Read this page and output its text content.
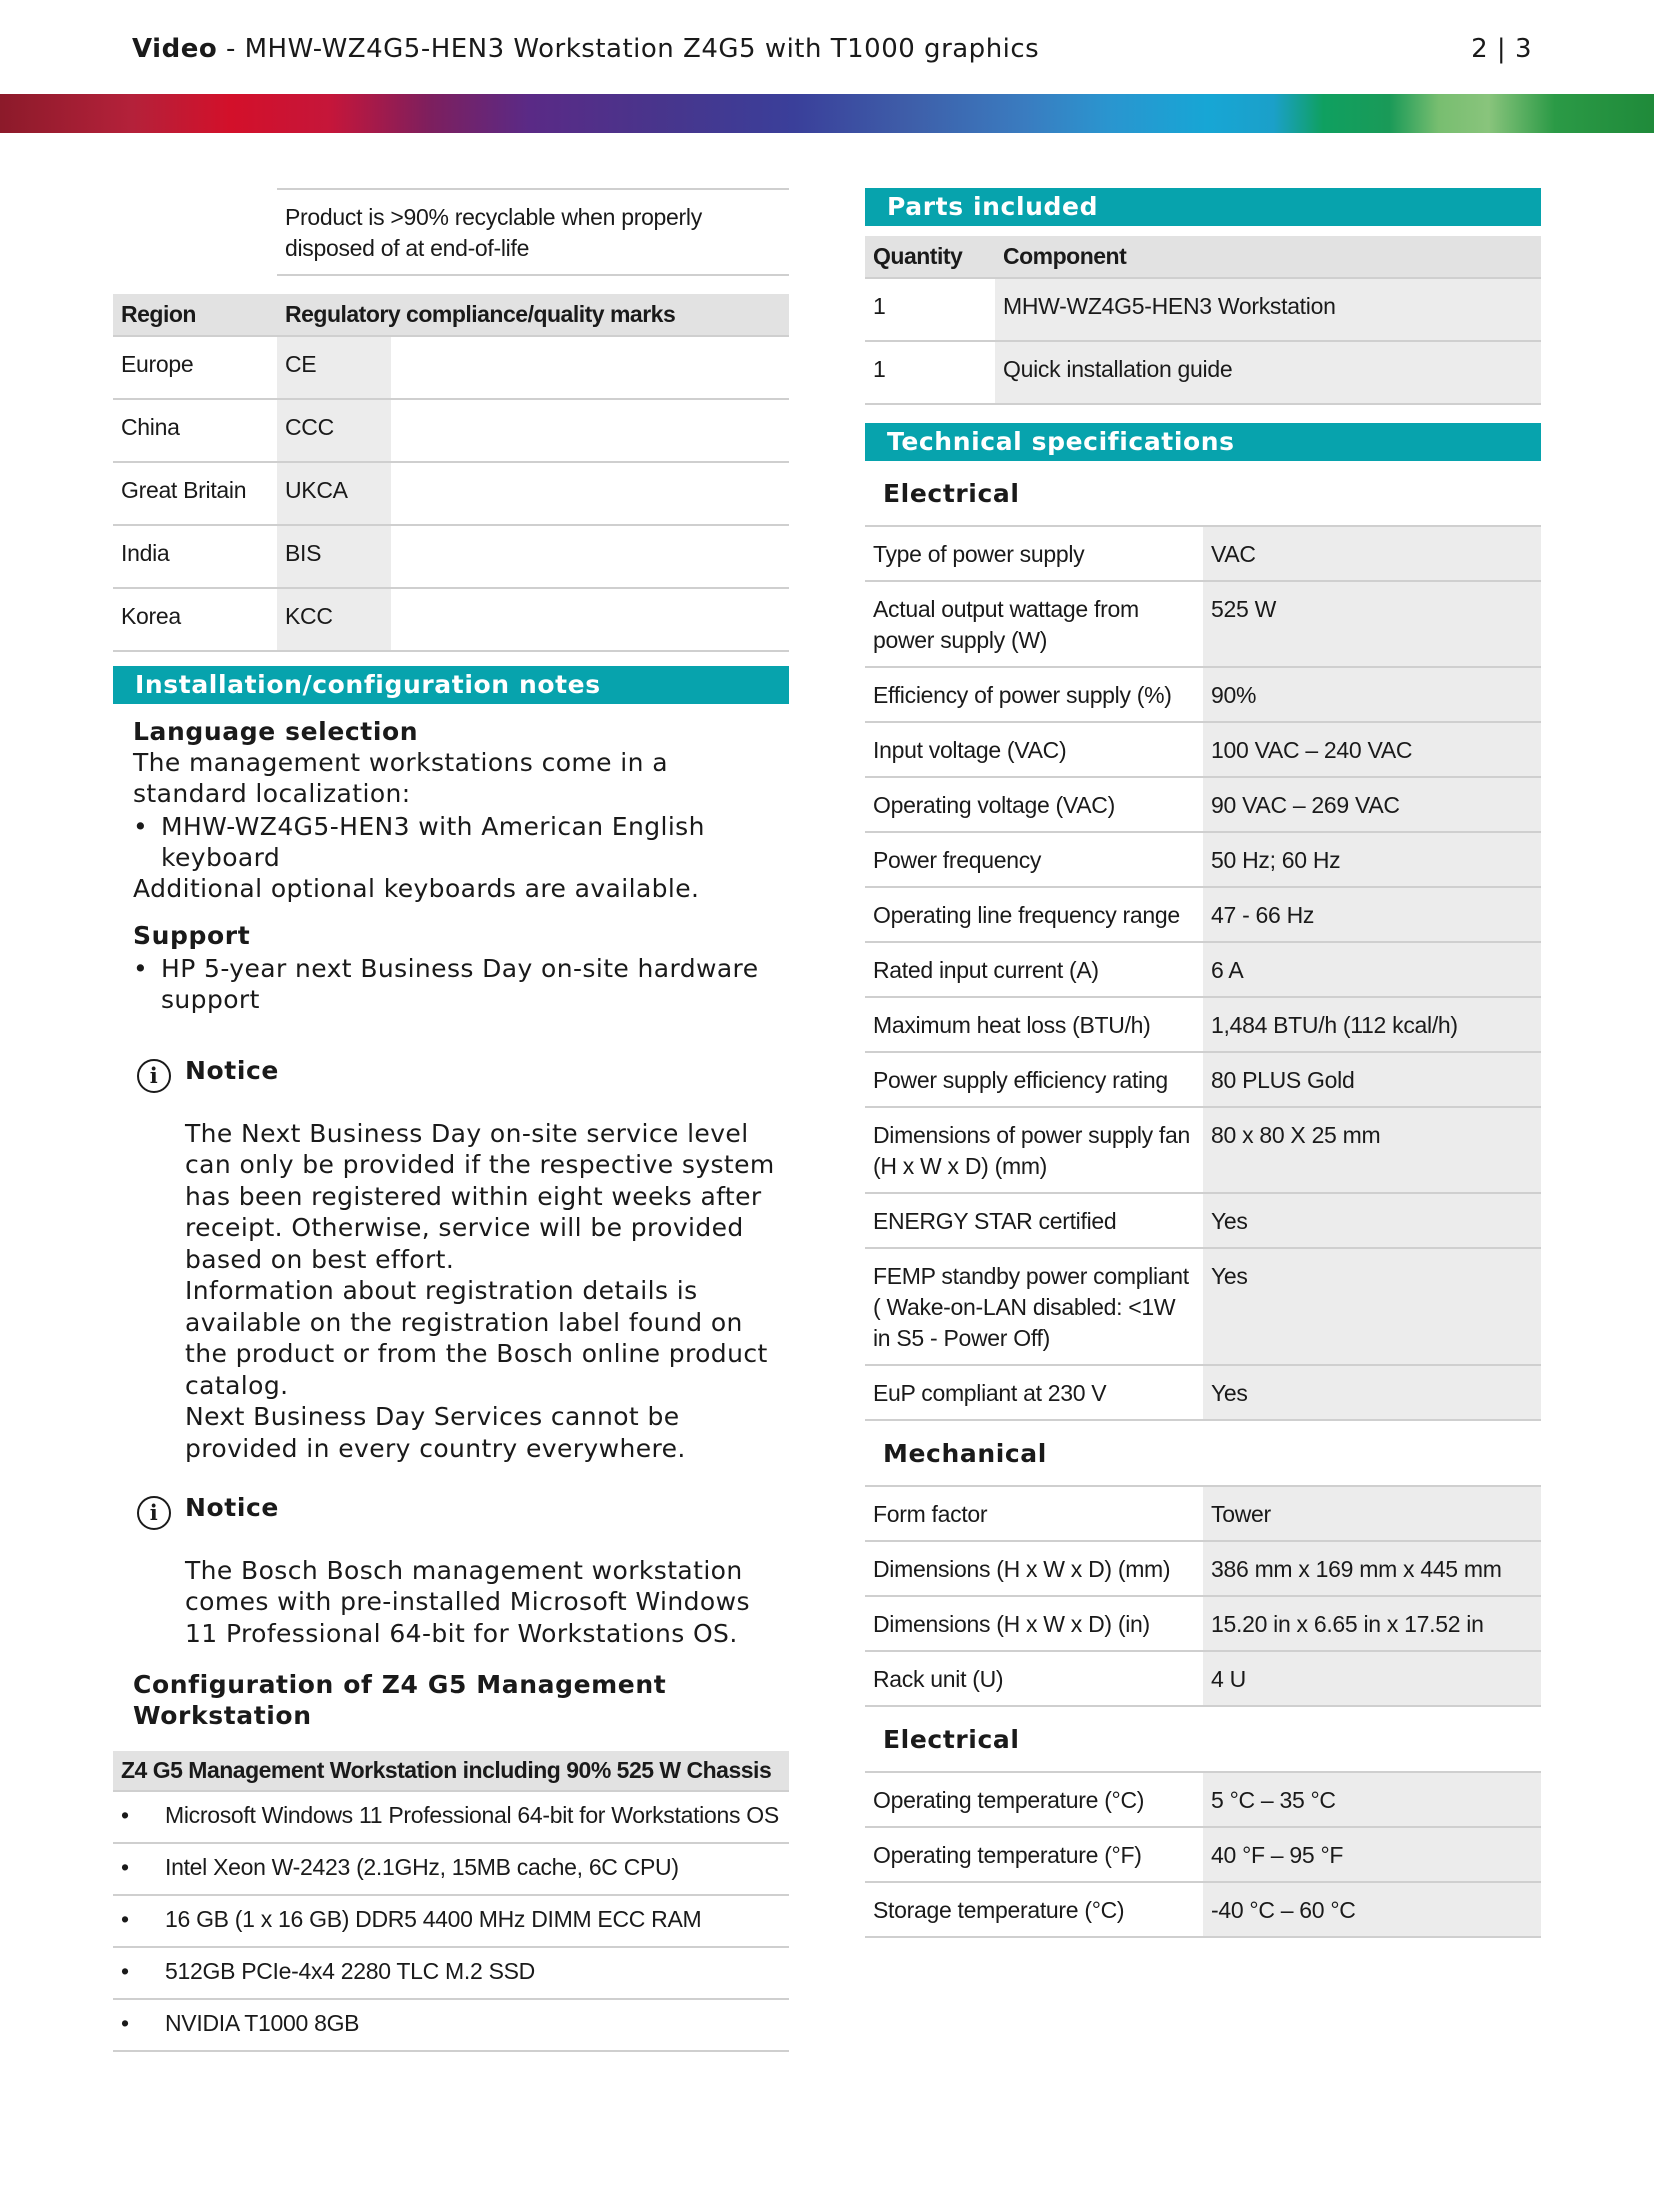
Video - MHW-WZ4G5-HEN3 Workstation Z4G5 with T1000 graphics	2 | 3
Product is >90% recyclable when properly disposed of at end-of-life
Region	Regulatory compliance/quality marks	
Europe	CE	
China	CCC	
Great Britain	UKCA	
India	BIS	
Korea	KCC	
Installation/configuration notes
Language selection
The management workstations come in a standard localization:
• MHW-WZ4G5-HEN3 with American English keyboard
Additional optional keyboards are available.
Support
• HP 5-year next Business Day on-site hardware support
i	Notice
The Next Business Day on-site service level can only be provided if the respective system has been registered within eight weeks after receipt. Otherwise, service will be provided based on best effort.
Information about registration details is available on the registration label found on the product or from the Bosch online product catalog.
Next Business Day Services cannot be provided in every country everywhere.
i	Notice
The Bosch Bosch management workstation comes with pre-installed Microsoft Windows 11 Professional 64-bit for Workstations OS.
Configuration of Z4 G5 Management Workstation
Z4 G5 Management Workstation including 90% 525 W Chassis	
•	Microsoft Windows 11 Professional 64-bit for Workstations OS
•	Intel Xeon W-2423 (2.1GHz, 15MB cache, 6C CPU)
•	16 GB (1 x 16 GB) DDR5 4400 MHz DIMM ECC RAM
•	512GB PCIe-4x4 2280 TLC M.2 SSD
•	NVIDIA T1000 8GB
Parts included
Quantity	Component
1	MHW-WZ4G5-HEN3 Workstation
1	Quick installation guide
Technical specifications
Electrical
Type of power supply	VAC
Actual output wattage from power supply (W)	525 W
Efficiency of power supply (%)	90%
Input voltage (VAC)	100 VAC – 240 VAC
Operating voltage (VAC)	90 VAC – 269 VAC
Power frequency	50 Hz; 60 Hz
Operating line frequency range	47 - 66 Hz
Rated input current (A)	6 A
Maximum heat loss (BTU/h)	1,484 BTU/h (112 kcal/h)
Power supply efficiency rating	80 PLUS Gold
Dimensions of power supply fan (H x W x D) (mm)	80 x 80 X 25 mm
ENERGY STAR certified	Yes
FEMP standby power compliant ( Wake-on-LAN disabled: <1W in S5 - Power Off)	Yes
EuP compliant at 230 V	Yes
Mechanical
Form factor	Tower
Dimensions (H x W x D) (mm)	386 mm x 169 mm x 445 mm
Dimensions (H x W x D) (in)	15.20 in x 6.65 in x 17.52 in
Rack unit (U)	4 U
Electrical
Operating temperature (°C)	5 °C – 35 °C
Operating temperature (°F)	40 °F – 95 °F
Storage temperature (°C)	-40 °C – 60 °C
